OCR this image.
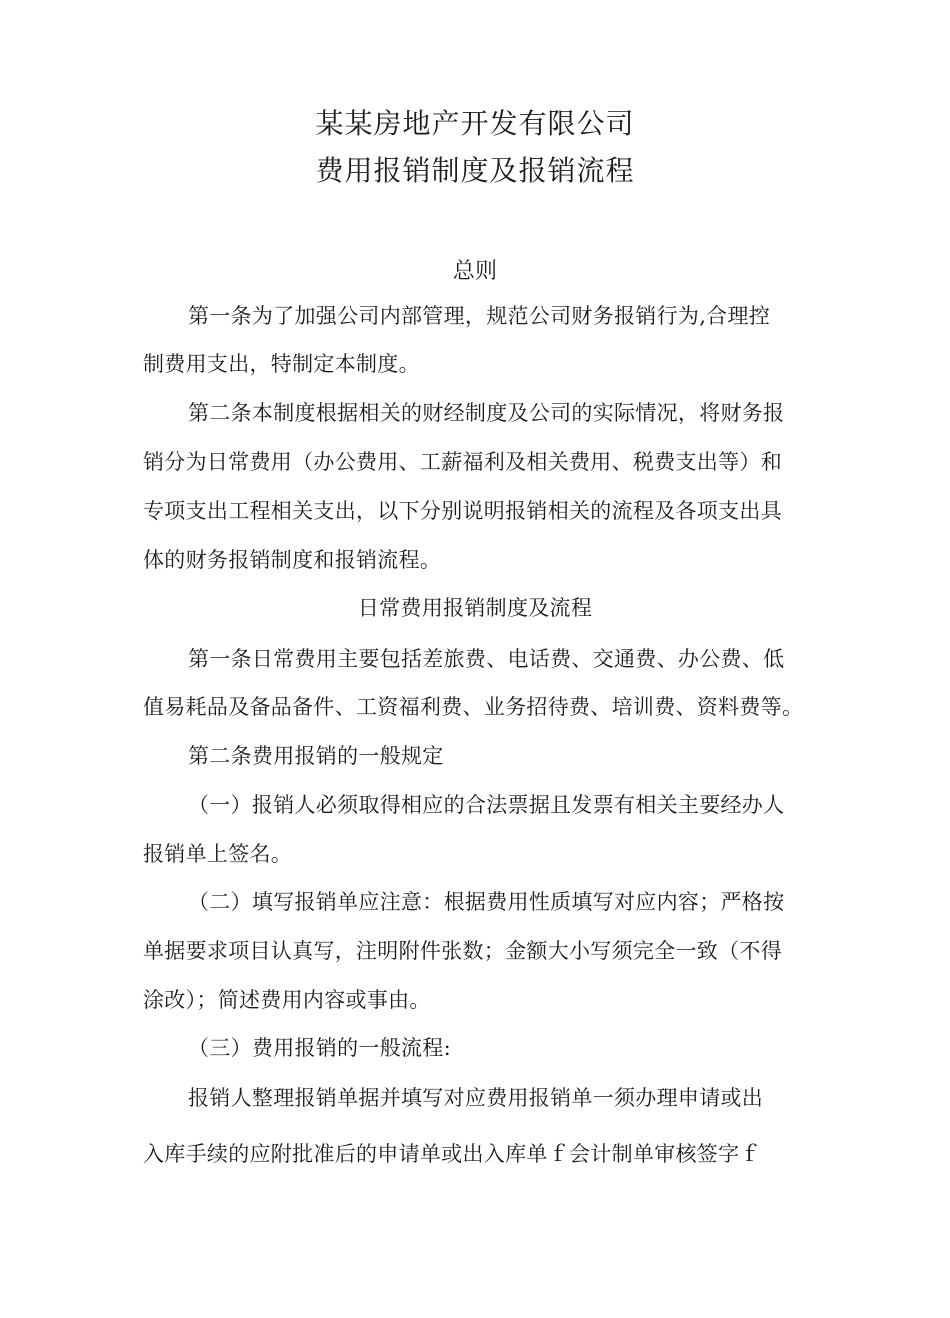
某某房地产开发有限公司
费用报销制度及报销流程

总则

第一条为了加强公司内部管理，规范公司财务报销行为,合理控

制费用支出，特制定本制度。

第二条本制度根据相关的财经制度及公司的实际情况，将财务报

销分为日常费用（办公费用、工薪福利及相关费用、税费支出等）和

专项支出工程相关支出，以下分别说明报销相关的流程及各项支出具

体的财务报销制度和报销流程。

日常费用报销制度及流程

第一条日常费用主要包括差旅费、电话费、交通费、办公费、低

值易耗品及备品备件、工资福利费、业务招待费、培训费、资料费等。

第二条费用报销的一般规定

（一）报销人必须取得相应的合法票据且发票有相关主要经办人

报销单上签名。

（二）填写报销单应注意：根据费用性质填写对应内容；严格按

单据要求项目认真写，注明附件张数；金额大小写须完全一致（不得

涂改）；简述费用内容或事由。

（三）费用报销的一般流程:

报销人整理报销单据并填写对应费用报销单一须办理申请或出

入库手续的应附批准后的申请单或出入库单ｆ会计制单审核签字ｆ
